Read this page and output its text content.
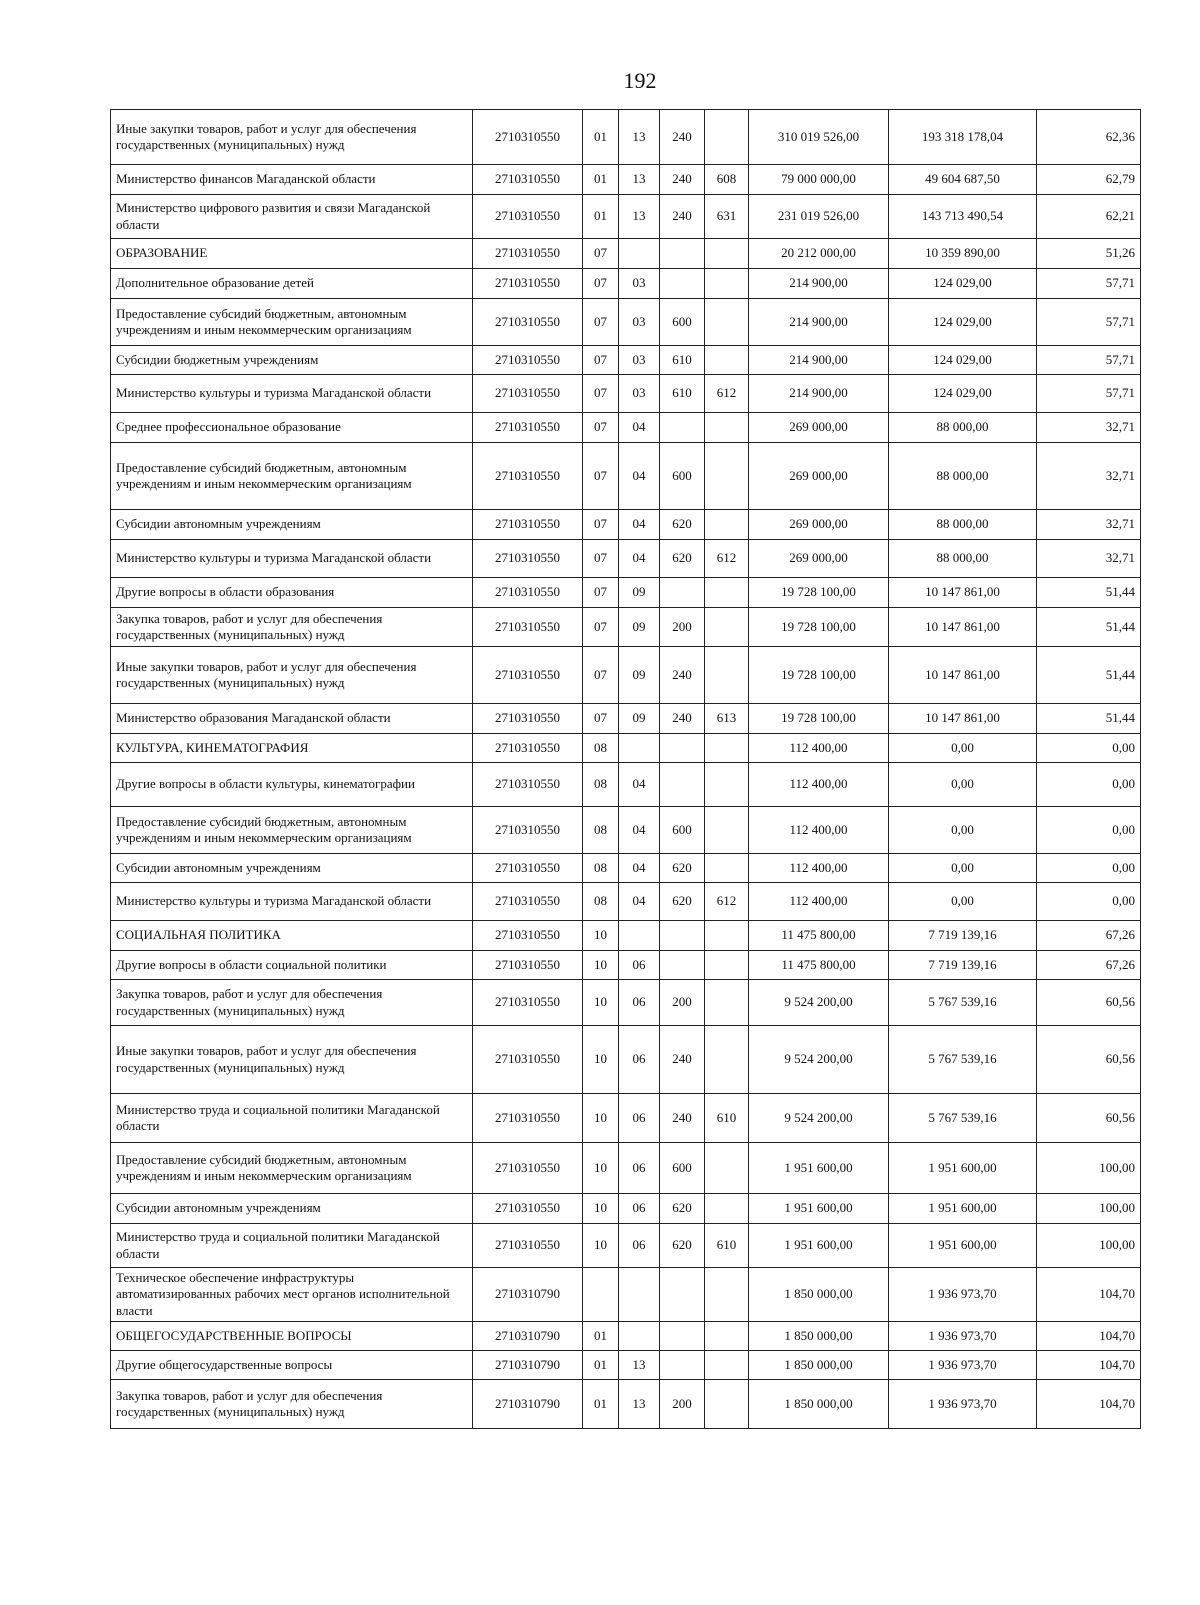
192
Иные закупки товаров, работ и услуг для обеспечения государственных (муниципальных) нужд	2710310550	01	13	240		310 019 526,00	193 318 178,04	62,36
Министерство финансов Магаданской области	2710310550	01	13	240	608	79 000 000,00	49 604 687,50	62,79
Министерство цифрового развития и связи Магаданской области	2710310550	01	13	240	631	231 019 526,00	143 713 490,54	62,21
ОБРАЗОВАНИЕ	2710310550	07				20 212 000,00	10 359 890,00	51,26
Дополнительное образование детей	2710310550	07	03			214 900,00	124 029,00	57,71
Предоставление субсидий бюджетным, автономным учреждениям и иным некоммерческим организациям	2710310550	07	03	600		214 900,00	124 029,00	57,71
Субсидии бюджетным учреждениям	2710310550	07	03	610		214 900,00	124 029,00	57,71
Министерство культуры и туризма Магаданской области	2710310550	07	03	610	612	214 900,00	124 029,00	57,71
Среднее профессиональное образование	2710310550	07	04			269 000,00	88 000,00	32,71
Предоставление субсидий бюджетным, автономным учреждениям и иным некоммерческим организациям	2710310550	07	04	600		269 000,00	88 000,00	32,71
Субсидии автономным учреждениям	2710310550	07	04	620		269 000,00	88 000,00	32,71
Министерство культуры и туризма Магаданской области	2710310550	07	04	620	612	269 000,00	88 000,00	32,71
Другие вопросы в области образования	2710310550	07	09			19 728 100,00	10 147 861,00	51,44
Закупка товаров, работ и услуг для обеспечения государственных (муниципальных) нужд	2710310550	07	09	200		19 728 100,00	10 147 861,00	51,44
Иные закупки товаров, работ и услуг для обеспечения государственных (муниципальных) нужд	2710310550	07	09	240		19 728 100,00	10 147 861,00	51,44
Министерство образования Магаданской области	2710310550	07	09	240	613	19 728 100,00	10 147 861,00	51,44
КУЛЬТУРА, КИНЕМАТОГРАФИЯ	2710310550	08				112 400,00	0,00	0,00
Другие вопросы в области культуры, кинематографии	2710310550	08	04			112 400,00	0,00	0,00
Предоставление субсидий бюджетным, автономным учреждениям и иным некоммерческим организациям	2710310550	08	04	600		112 400,00	0,00	0,00
Субсидии автономным учреждениям	2710310550	08	04	620		112 400,00	0,00	0,00
Министерство культуры и туризма Магаданской области	2710310550	08	04	620	612	112 400,00	0,00	0,00
СОЦИАЛЬНАЯ ПОЛИТИКА	2710310550	10				11 475 800,00	7 719 139,16	67,26
Другие вопросы в области социальной политики	2710310550	10	06			11 475 800,00	7 719 139,16	67,26
Закупка товаров, работ и услуг для обеспечения государственных (муниципальных) нужд	2710310550	10	06	200		9 524 200,00	5 767 539,16	60,56
Иные закупки товаров, работ и услуг для обеспечения государственных (муниципальных) нужд	2710310550	10	06	240		9 524 200,00	5 767 539,16	60,56
Министерство труда и социальной политики Магаданской области	2710310550	10	06	240	610	9 524 200,00	5 767 539,16	60,56
Предоставление субсидий бюджетным, автономным учреждениям и иным некоммерческим организациям	2710310550	10	06	600		1 951 600,00	1 951 600,00	100,00
Субсидии автономным учреждениям	2710310550	10	06	620		1 951 600,00	1 951 600,00	100,00
Министерство труда и социальной политики Магаданской области	2710310550	10	06	620	610	1 951 600,00	1 951 600,00	100,00
Техническое обеспечение инфраструктуры автоматизированных рабочих мест органов исполнительной власти	2710310790					1 850 000,00	1 936 973,70	104,70
ОБЩЕГОСУДАРСТВЕННЫЕ ВОПРОСЫ	2710310790	01				1 850 000,00	1 936 973,70	104,70
Другие общегосударственные вопросы	2710310790	01	13			1 850 000,00	1 936 973,70	104,70
Закупка товаров, работ и услуг для обеспечения государственных (муниципальных) нужд	2710310790	01	13	200		1 850 000,00	1 936 973,70	104,70
